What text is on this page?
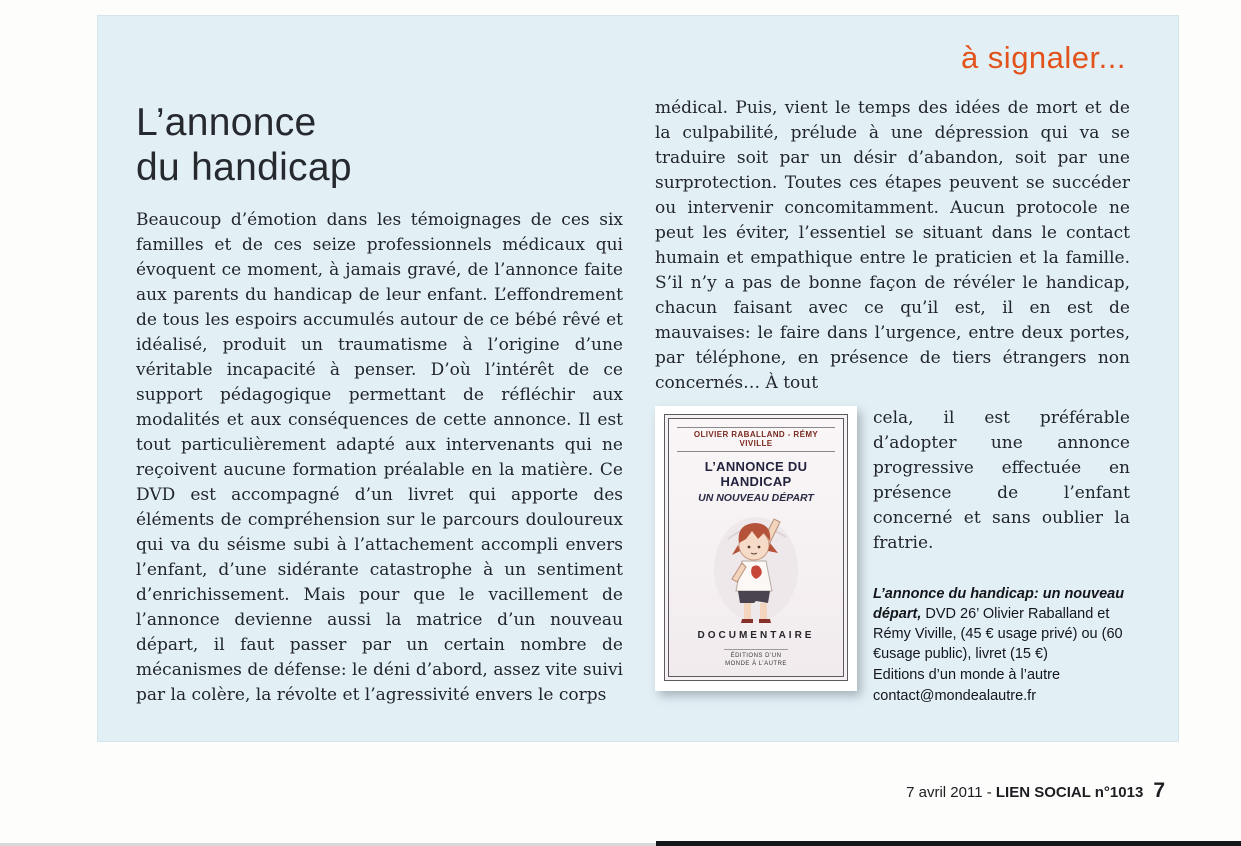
à signaler...
L’annonce
du handicap

Beaucoup d’émotion dans les témoignages de ces six familles et de ces seize professionnels médicaux qui évoquent ce moment, à jamais gravé, de l’annonce faite aux parents du handicap de leur enfant. L’effondrement de tous les espoirs accumulés autour de ce bébé rêvé et idéalisé, produit un traumatisme à l’origine d’une véritable incapacité à penser. D’où l’intérêt de ce support pédagogique permettant de réfléchir aux modalités et aux conséquences de cette annonce. Il est tout particulièrement adapté aux intervenants qui ne reçoivent aucune formation préalable en la matière. Ce DVD est accompagné d’un livret qui apporte des éléments de compréhension sur le parcours douloureux qui va du séisme subi à l’attachement accompli envers l’enfant, d’une sidérante catastrophe à un sentiment d’enrichissement. Mais pour que le vacillement de l’annonce devienne aussi la matrice d’un nouveau départ, il faut passer par un certain nombre de mécanismes de défense: le déni d’abord, assez vite suivi par la colère, la révolte et l’agressivité envers le corps

médical. Puis, vient le temps des idées de mort et de la culpabilité, prélude à une dépression qui va se traduire soit par un désir d’abandon, soit par une surprotection. Toutes ces étapes peuvent se succéder ou intervenir concomitamment. Aucun protocole ne peut les éviter, l’essentiel se situant dans le contact humain et empathique entre le praticien et la famille. S’il n’y a pas de bonne façon de révéler le handicap, chacun faisant avec ce qu’il est, il en est de mauvaises: le faire dans l’urgence, entre deux portes, par téléphone, en présence de tiers étrangers non concernés… À tout

OLIVIER RABALLAND - RÉMY VIVILLE
L’ANNONCE DU HANDICAP
UN NOUVEAU DÉPART
DOCUMENTAIRE
ÉDITIONS D’UN MONDE À L’AUTRE

cela, il est préférable d’adopter une annonce progressive effectuée en présence de l’enfant concerné et sans oublier la fratrie.

L’annonce du handicap: un nouveau départ, DVD 26’ Olivier Raballand et Rémy Viville, (45 € usage privé) ou (60 €usage public), livret (15 €)
Editions d’un monde à l’autre
contact@mondealautre.fr
7 avril 2011 - LIEN SOCIAL n°1013 7
